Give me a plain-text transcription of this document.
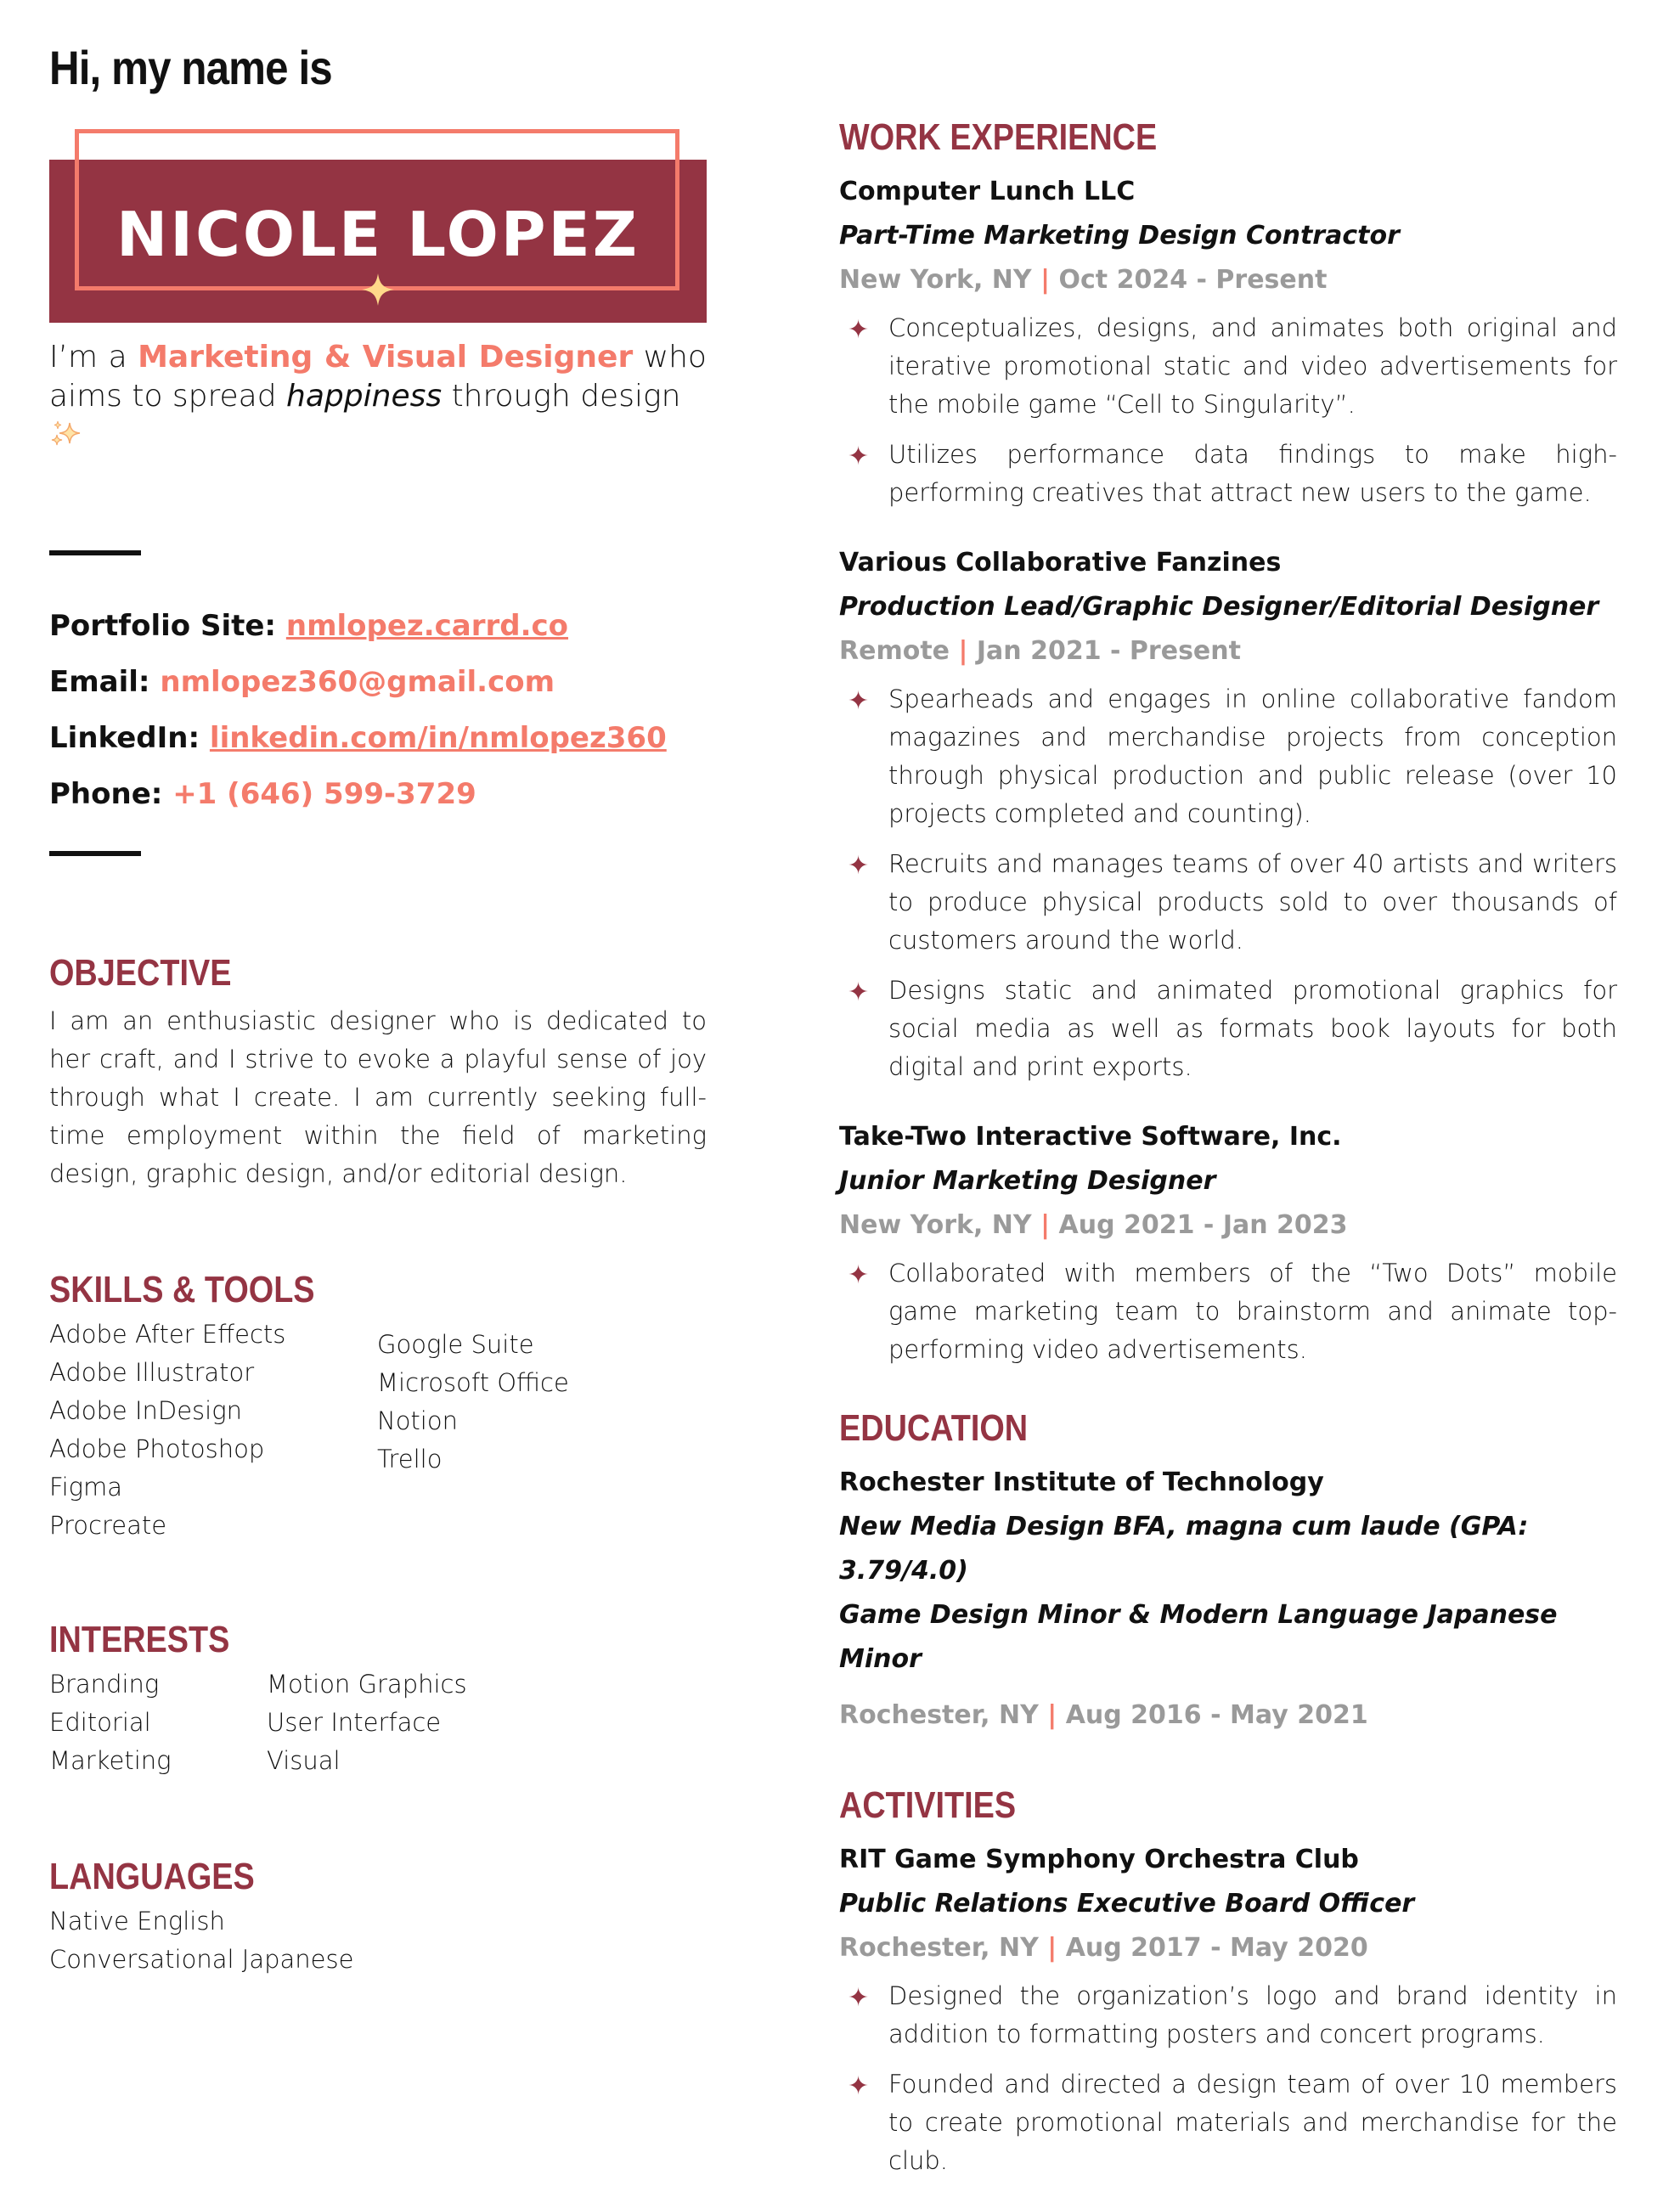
Hi, my name is
NICOLE LOPEZ
I’m a Marketing & Visual Designer who
aims to spread happiness through design
Portfolio Site: nmlopez.carrd.co
Email: nmlopez360@gmail.com
LinkedIn: linkedin.com/in/nmlopez360
Phone: +1 (646) 599-3729
OBJECTIVE
I am an enthusiastic designer who is dedicated to her craft, and I strive to evoke a playful sense of joy through what I create. I am currently seeking full-time employment within the field of marketing design, graphic design, and/or editorial design.
SKILLS & TOOLS
Adobe After Effects
Adobe Illustrator
Adobe InDesign
Adobe Photoshop
Figma
Procreate
Google Suite
Microsoft Office
Notion
Trello
INTERESTS
Branding
Editorial
Marketing
Motion Graphics
User Interface
Visual
LANGUAGES
Native English
Conversational Japanese
WORK EXPERIENCE
Computer Lunch LLC
Part-Time Marketing Design Contractor
New York, NY | Oct 2024 - Present
✦ Conceptualizes, designs, and animates both original and iterative promotional static and video advertisements for the mobile game “Cell to Singularity”.
✦ Utilizes performance data findings to make high-performing creatives that attract new users to the game.
Various Collaborative Fanzines
Production Lead/Graphic Designer/Editorial Designer
Remote | Jan 2021 - Present
✦ Spearheads and engages in online collaborative fandom magazines and merchandise projects from conception through physical production and public release (over 10 projects completed and counting).
✦ Recruits and manages teams of over 40 artists and writers to produce physical products sold to over thousands of customers around the world.
✦ Designs static and animated promotional graphics for social media as well as formats book layouts for both digital and print exports.
Take-Two Interactive Software, Inc.
Junior Marketing Designer
New York, NY | Aug 2021 - Jan 2023
✦ Collaborated with members of the “Two Dots” mobile game marketing team to brainstorm and animate top-performing video advertisements.
EDUCATION
Rochester Institute of Technology
New Media Design BFA, magna cum laude (GPA: 3.79/4.0)
Game Design Minor & Modern Language Japanese Minor
Rochester, NY | Aug 2016 - May 2021
ACTIVITIES
RIT Game Symphony Orchestra Club
Public Relations Executive Board Officer
Rochester, NY | Aug 2017 - May 2020
✦ Designed the organization’s logo and brand identity in addition to formatting posters and concert programs.
✦ Founded and directed a design team of over 10 members to create promotional materials and merchandise for the club.
